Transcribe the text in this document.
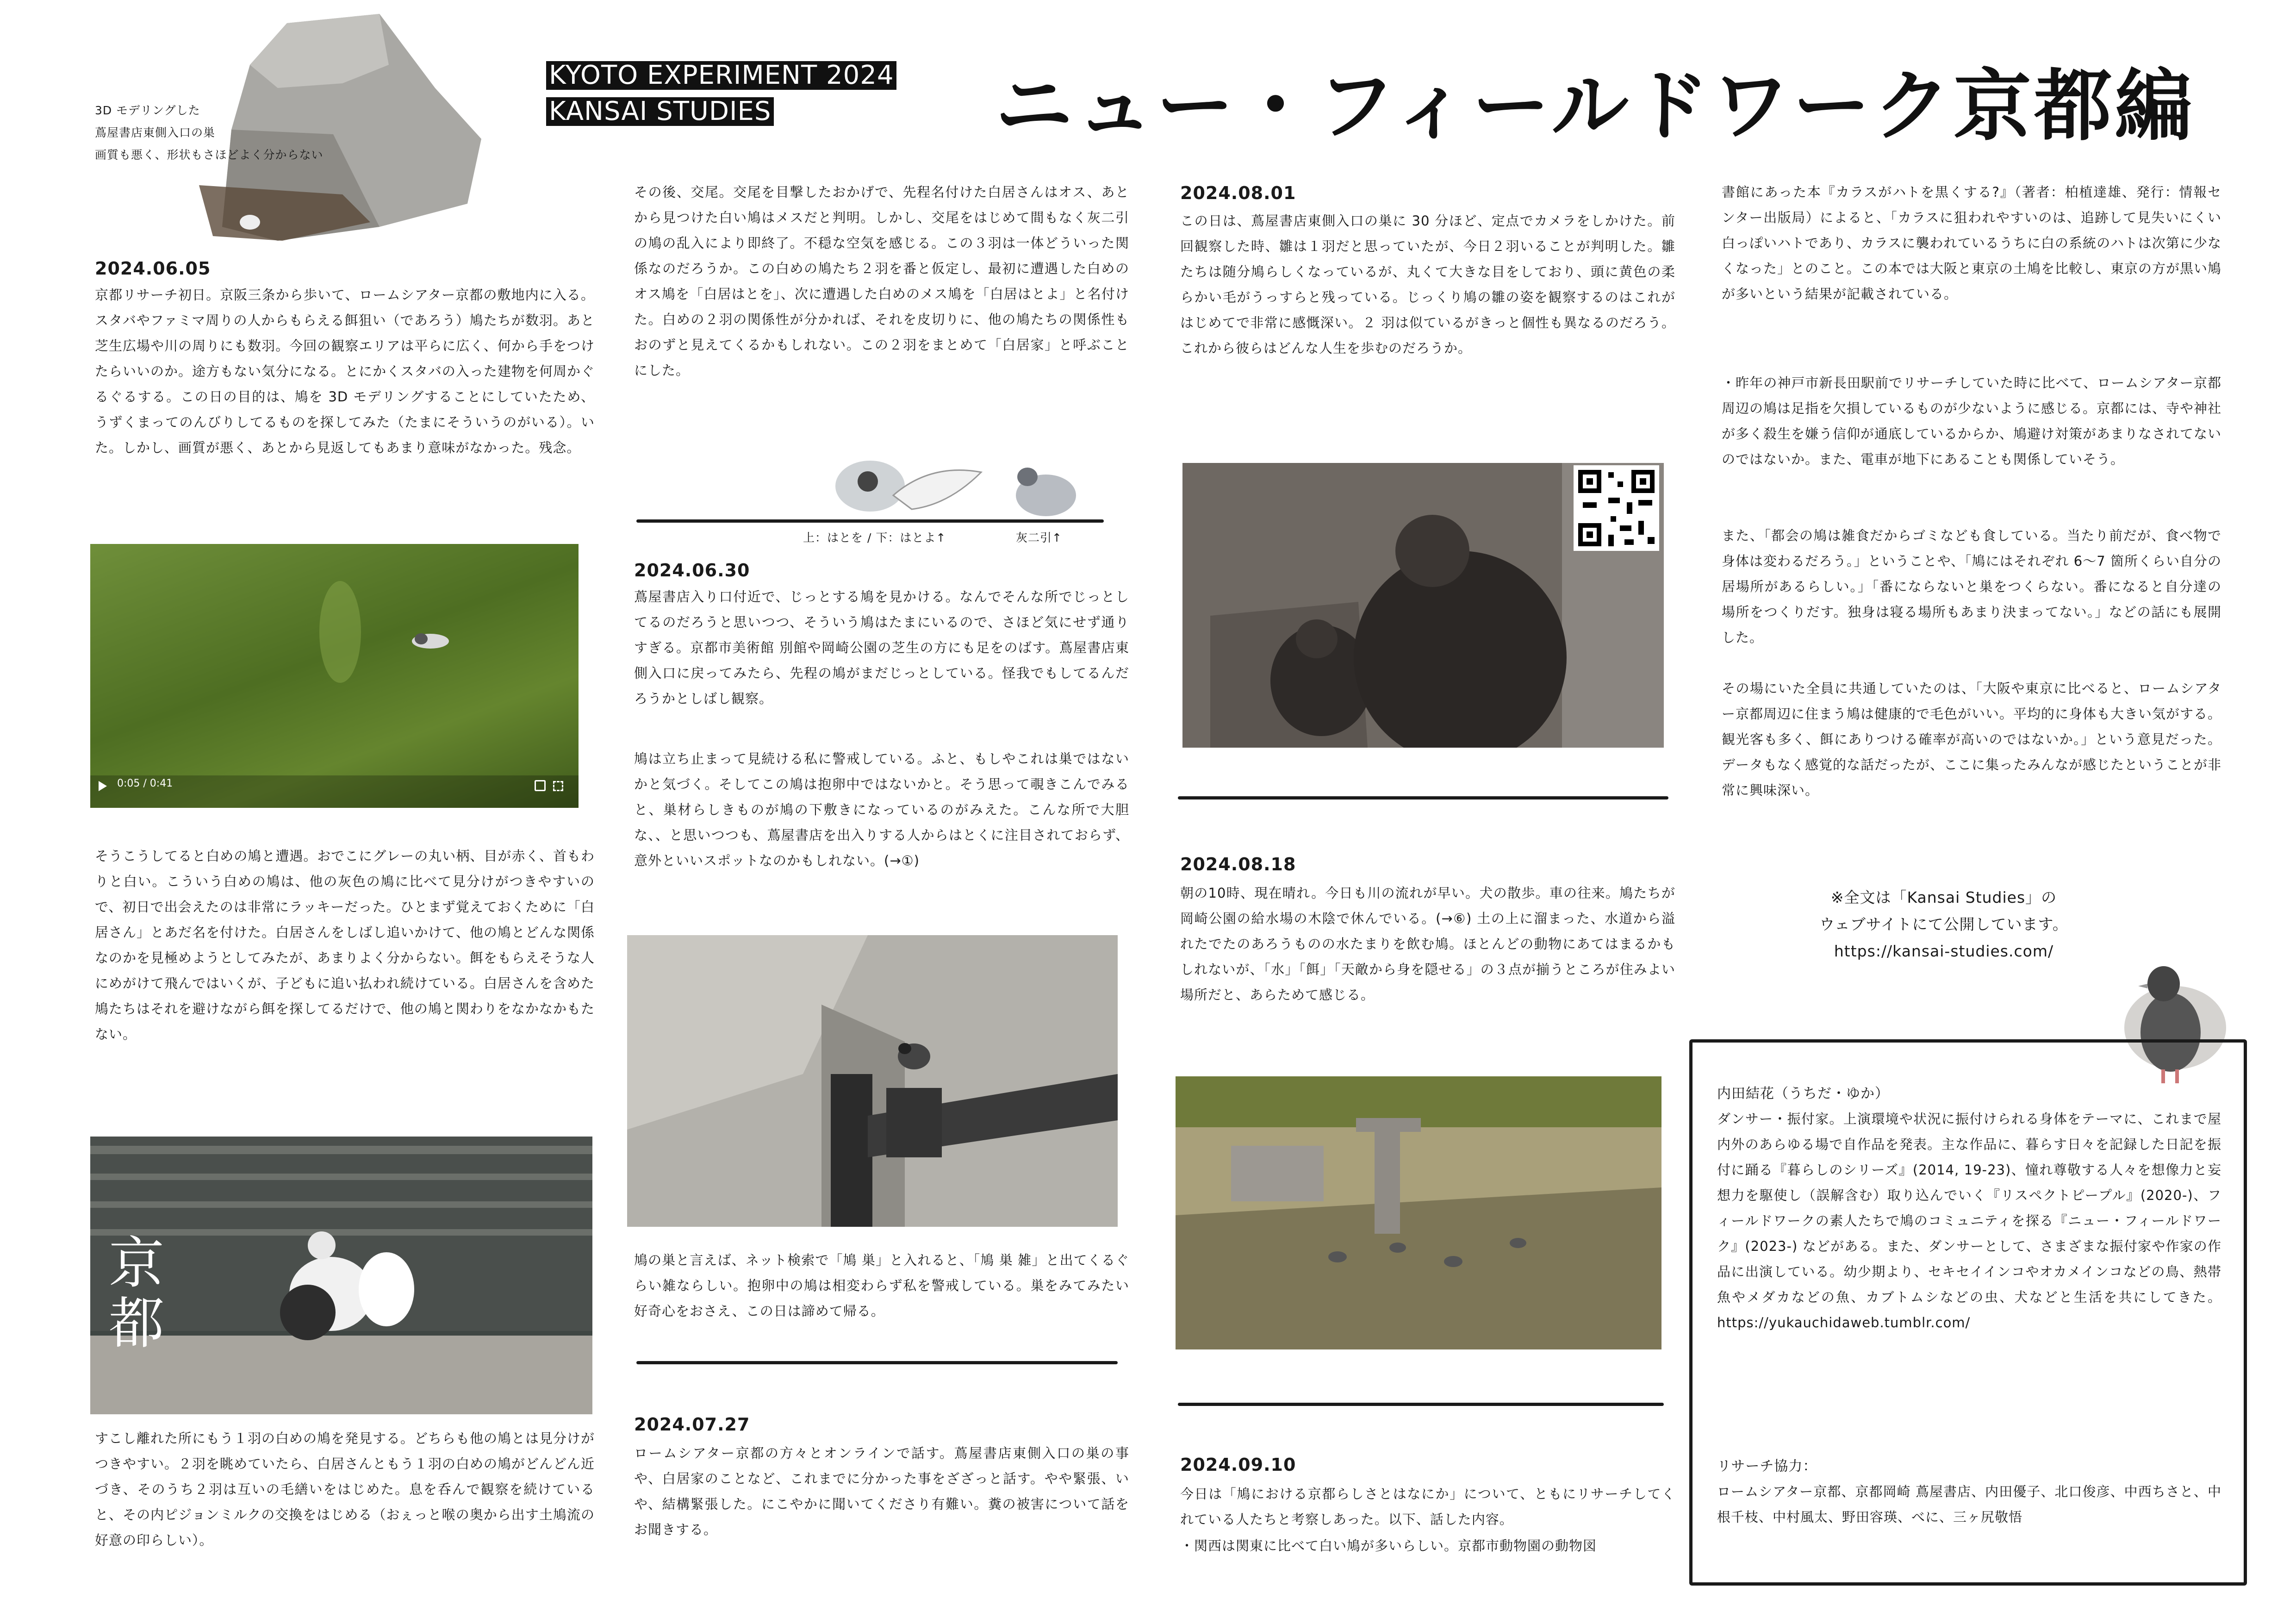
KYOTO EXPERIMENT 2024
KANSAI STUDIES	ニュー・フィールドワーク京都編
3D モデリングした
蔦屋書店東側入口の巣
画質も悪く、形状もさほどよく分からない
2024.06.05

京都リサーチ初日。京阪三条から歩いて、ロームシアター京都の敷地内に入る。スタバやファミマ周りの人からもらえる餌狙い（であろう）鳩たちが数羽。あと芝生広場や川の周りにも数羽。今回の観察エリアは平らに広く、何から手をつけたらいいのか。途方もない気分になる。とにかくスタバの入った建物を何周かぐるぐるする。この日の目的は、鳩を 3D モデリングすることにしていたため、うずくまってのんびりしてるものを探してみた（たまにそういうのがいる）。いた。しかし、画質が悪く、あとから見返してもあまり意味がなかった。残念。

0:05 / 0:41

そうこうしてると白めの鳩と遭遇。おでこにグレーの丸い柄、目が赤く、首もわりと白い。こういう白めの鳩は、他の灰色の鳩に比べて見分けがつきやすいので、初日で出会えたのは非常にラッキーだった。ひとまず覚えておくために「白居さん」とあだ名を付けた。白居さんをしばし追いかけて、他の鳩とどんな関係なのかを見極めようとしてみたが、あまりよく分からない。餌をもらえそうな人にめがけて飛んではいくが、子どもに追い払われ続けている。白居さんを含めた鳩たちはそれを避けながら餌を探してるだけで、他の鳩と関わりをなかなかもたない。

京都

すこし離れた所にもう１羽の白めの鳩を発見する。どちらも他の鳩とは見分けがつきやすい。２羽を眺めていたら、白居さんともう１羽の白めの鳩がどんどん近づき、そのうち２羽は互いの毛繕いをはじめた。息を呑んで観察を続けていると、その内ピジョンミルクの交換をはじめる（おぇっと喉の奥から出す土鳩流の好意の印らしい）。

その後、交尾。交尾を目撃したおかげで、先程名付けた白居さんはオス、あとから見つけた白い鳩はメスだと判明。しかし、交尾をはじめて間もなく灰二引の鳩の乱入により即終了。不穏な空気を感じる。この３羽は一体どういった関係なのだろうか。この白めの鳩たち２羽を番と仮定し、最初に遭遇した白めのオス鳩を「白居はとを」、次に遭遇した白めのメス鳩を「白居はとよ」と名付けた。白めの２羽の関係性が分かれば、それを皮切りに、他の鳩たちの関係性もおのずと見えてくるかもしれない。この２羽をまとめて「白居家」と呼ぶことにした。

上：はとを / 下：はとよ↑	灰二引↑
2024.06.30

蔦屋書店入り口付近で、じっとする鳩を見かける。なんでそんな所でじっとしてるのだろうと思いつつ、そういう鳩はたまにいるので、さほど気にせず通りすぎる。京都市美術館 別館や岡崎公園の芝生の方にも足をのばす。蔦屋書店東側入口に戻ってみたら、先程の鳩がまだじっとしている。怪我でもしてるんだろうかとしばし観察。

鳩は立ち止まって見続ける私に警戒している。ふと、もしやこれは巣ではないかと気づく。そしてこの鳩は抱卵中ではないかと。そう思って覗きこんでみると、巣材らしきものが鳩の下敷きになっているのがみえた。こんな所で大胆な、、と思いつつも、蔦屋書店を出入りする人からはとくに注目されておらず、意外といいスポットなのかもしれない。(→①)

鳩の巣と言えば、ネット検索で「鳩 巣」と入れると、「鳩 巣 雑」と出てくるぐらい雑ならしい。抱卵中の鳩は相変わらず私を警戒している。巣をみてみたい好奇心をおさえ、この日は諦めて帰る。

2024.07.27

ロームシアター京都の方々とオンラインで話す。蔦屋書店東側入口の巣の事や、白居家のことなど、これまでに分かった事をざざっと話す。やや緊張、いや、結構緊張した。にこやかに聞いてくださり有難い。糞の被害について話をお聞きする。

2024.08.01

この日は、蔦屋書店東側入口の巣に 30 分ほど、定点でカメラをしかけた。前回観察した時、雛は１羽だと思っていたが、今日２羽いることが判明した。雛たちは随分鳩らしくなっているが、丸くて大きな目をしており、頭に黄色の柔らかい毛がうっすらと残っている。じっくり鳩の雛の姿を観察するのはこれがはじめてで非常に感慨深い。２ 羽は似ているがきっと個性も異なるのだろう。これから彼らはどんな人生を歩むのだろうか。

2024.08.18

朝の10時、現在晴れ。今日も川の流れが早い。犬の散歩。車の往来。鳩たちが岡崎公園の給水場の木陰で休んでいる。(→⑥) 土の上に溜まった、水道から溢れたでたのあろうものの水たまりを飲む鳩。ほとんどの動物にあてはまるかもしれないが、「水」「餌」「天敵から身を隠せる」の３点が揃うところが住みよい場所だと、あらためて感じる。

2024.09.10

今日は「鳩における京都らしさとはなにか」について、ともにリサーチしてくれている人たちと考察しあった。以下、話した内容。

・関西は関東に比べて白い鳩が多いらしい。京都市動物園の動物図

書館にあった本『カラスがハトを黒くする?』（著者：柏植達雄、発行：情報センター出版局）によると、「カラスに狙われやすいのは、追跡して見失いにくい白っぽいハトであり、カラスに襲われているうちに白の系統のハトは次第に少なくなった」とのこと。この本では大阪と東京の土鳩を比較し、東京の方が黒い鳩が多いという結果が記載されている。

・昨年の神戸市新長田駅前でリサーチしていた時に比べて、ロームシアター京都周辺の鳩は足指を欠損しているものが少ないように感じる。京都には、寺や神社が多く殺生を嫌う信仰が通底しているからか、鳩避け対策があまりなされてないのではないか。また、電車が地下にあることも関係していそう。

また、「都会の鳩は雑食だからゴミなども食している。当たり前だが、食べ物で身体は変わるだろう。」ということや、「鳩にはそれぞれ 6〜7 箇所くらい自分の居場所があるらしい。」「番にならないと巣をつくらない。番になると自分達の場所をつくりだす。独身は寝る場所もあまり決まってない。」などの話にも展開した。

その場にいた全員に共通していたのは、「大阪や東京に比べると、ロームシアター京都周辺に住まう鳩は健康的で毛色がいい。平均的に身体も大きい気がする。観光客も多く、餌にありつける確率が高いのではないか。」という意見だった。データもなく感覚的な話だったが、ここに集ったみんなが感じたということが非常に興味深い。

※全文は「Kansai Studies」の
ウェブサイトにて公開しています。
https://kansai-studies.com/
内田結花（うちだ・ゆか）

ダンサー・振付家。上演環境や状況に振付けられる身体をテーマに、これまで屋内外のあらゆる場で自作品を発表。主な作品に、暮らす日々を記録した日記を振付に踊る『暮らしのシリーズ』(2014, 19-23)、憧れ尊敬する人々を想像力と妄想力を駆使し（誤解含む）取り込んでいく『リスペクトピープル』(2020-)、フィールドワークの素人たちで鳩のコミュニティを探る『ニュー・フィールドワーク』(2023-) などがある。また、ダンサーとして、さまざまな振付家や作家の作品に出演している。幼少期より、セキセイインコやオカメインコなどの鳥、熱帯魚やメダカなどの魚、カブトムシなどの虫、犬などと生活を共にしてきた。https://yukauchidaweb.tumblr.com/

リサーチ協力：

ロームシアター京都、京都岡崎 蔦屋書店、内田優子、北口俊彦、中西ちさと、中根千枝、中村風太、野田容瑛、べに、三ヶ尻敬悟
